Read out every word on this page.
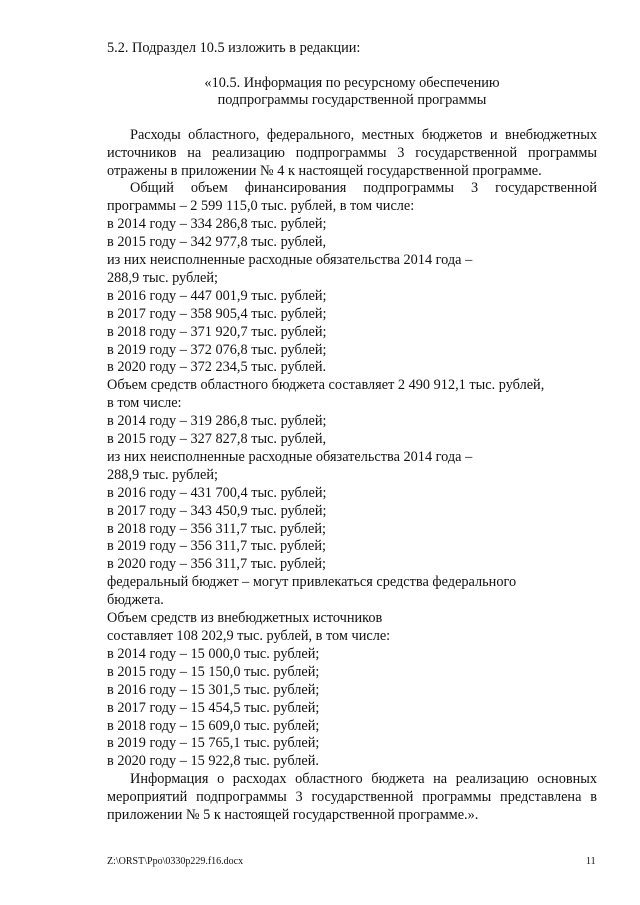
5.2. Подраздел 10.5 изложить в редакции:
«10.5. Информация по ресурсному обеспечению
подпрограммы государственной программы
Расходы областного, федерального, местных бюджетов и внебюджетных
источников на реализацию подпрограммы 3 государственной программы
отражены в приложении № 4 к настоящей государственной программе.
Общий объем финансирования подпрограммы 3 государственной
программы – 2 599 115,0 тыс. рублей, в том числе:
в 2014 году – 334 286,8 тыс. рублей;
в 2015 году – 342 977,8 тыс. рублей,
из них неисполненные расходные обязательства 2014 года –
288,9 тыс. рублей;
в 2016 году – 447 001,9 тыс. рублей;
в 2017 году – 358 905,4 тыс. рублей;
в 2018 году – 371 920,7 тыс. рублей;
в 2019 году – 372 076,8 тыс. рублей;
в 2020 году – 372 234,5 тыс. рублей.
Объем средств областного бюджета составляет 2 490 912,1 тыс. рублей,
в том числе:
в 2014 году – 319 286,8 тыс. рублей;
в 2015 году – 327 827,8 тыс. рублей,
из них неисполненные расходные обязательства 2014 года –
288,9 тыс. рублей;
в 2016 году – 431 700,4 тыс. рублей;
в 2017 году – 343 450,9 тыс. рублей;
в 2018 году – 356 311,7 тыс. рублей;
в 2019 году – 356 311,7 тыс. рублей;
в 2020 году – 356 311,7 тыс. рублей;
федеральный бюджет – могут привлекаться средства федерального
бюджета.
Объем средств из внебюджетных источников
составляет 108 202,9 тыс. рублей, в том числе:
в 2014 году – 15 000,0 тыс. рублей;
в 2015 году – 15 150,0 тыс. рублей;
в 2016 году – 15 301,5 тыс. рублей;
в 2017 году – 15 454,5 тыс. рублей;
в 2018 году – 15 609,0 тыс. рублей;
в 2019 году – 15 765,1 тыс. рублей;
в 2020 году – 15 922,8 тыс. рублей.
Информация о расходах областного бюджета на реализацию основных
мероприятий подпрограммы 3 государственной программы представлена в
приложении № 5 к настоящей государственной программе.».
Z:\ORST\Ppo\0330p229.f16.docx	11
